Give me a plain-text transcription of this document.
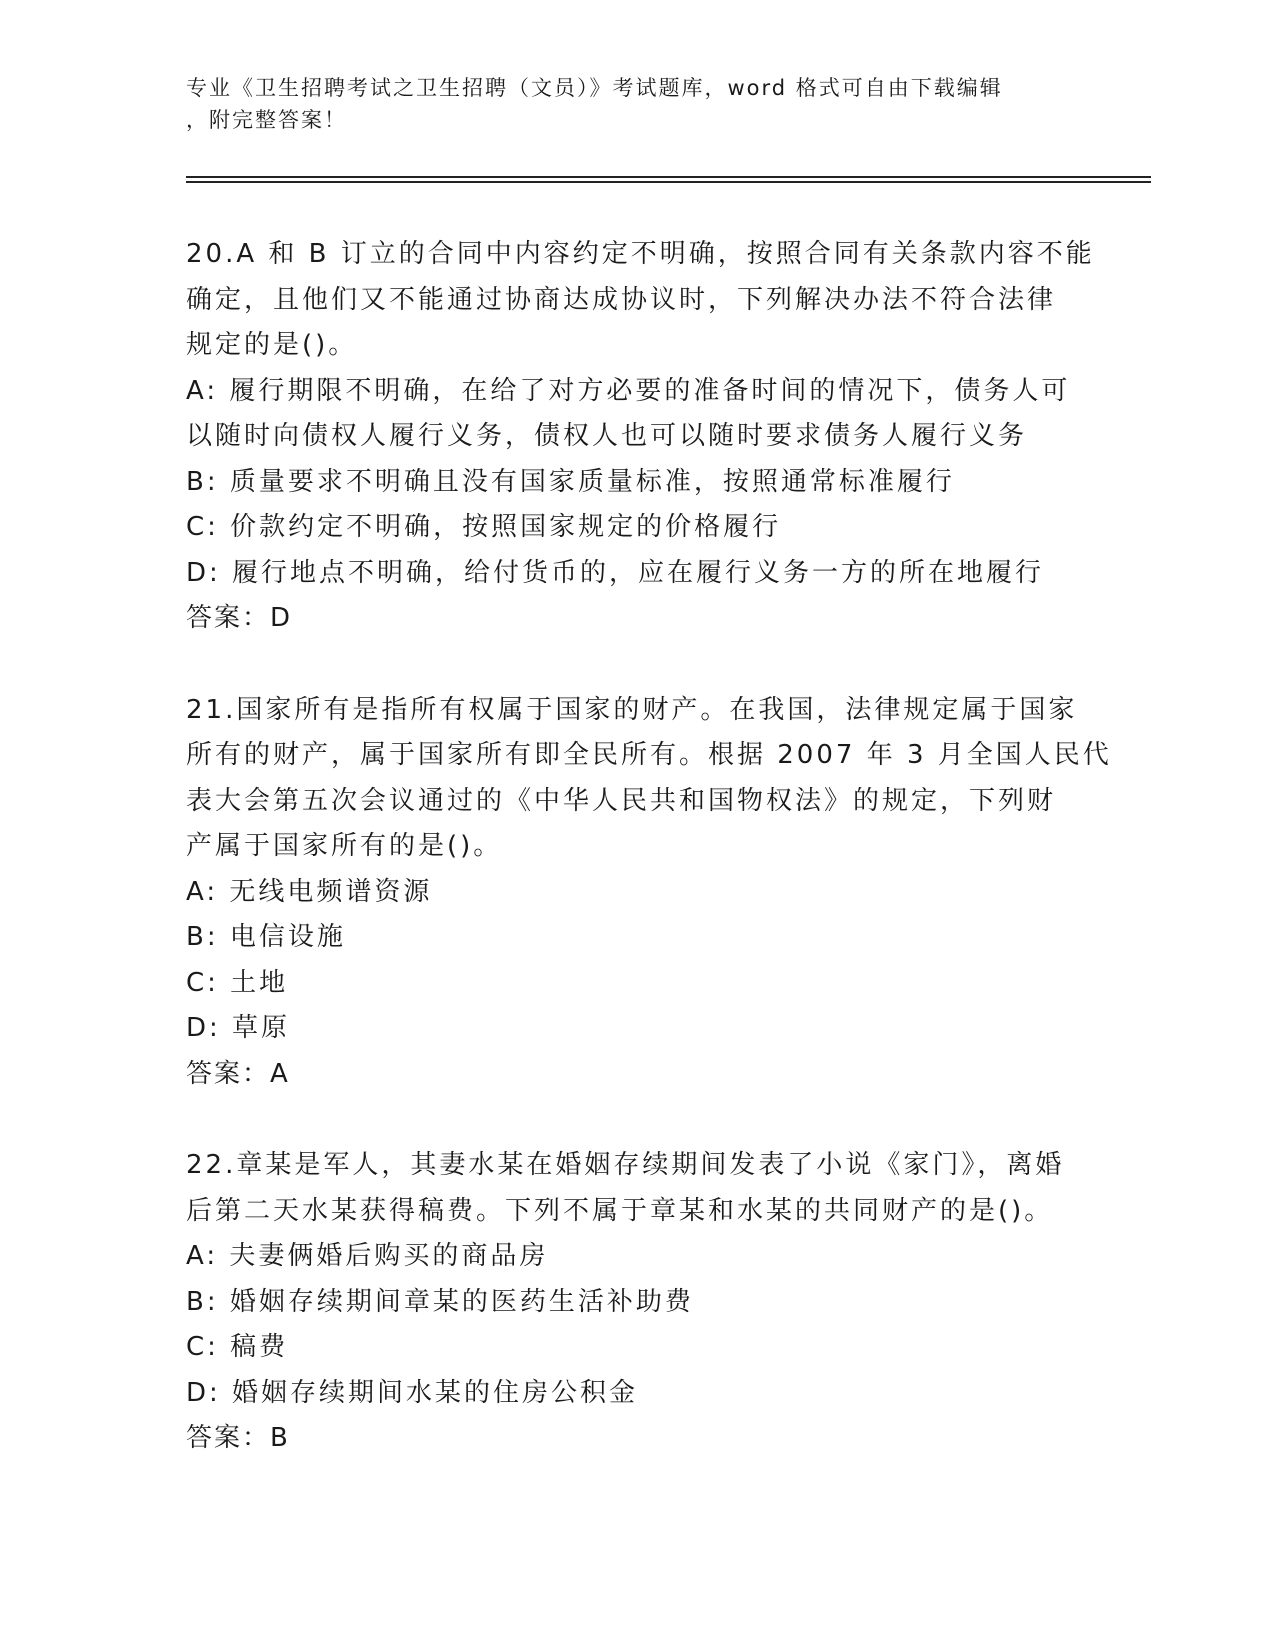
专业《卫生招聘考试之卫生招聘（文员）》考试题库，word 格式可自由下载编辑
，附完整答案！
20.A 和 B 订立的合同中内容约定不明确，按照合同有关条款内容不能
确定，且他们又不能通过协商达成协议时，下列解决办法不符合法律
规定的是()。
A: 履行期限不明确，在给了对方必要的准备时间的情况下，债务人可
以随时向债权人履行义务，债权人也可以随时要求债务人履行义务
B: 质量要求不明确且没有国家质量标准，按照通常标准履行
C: 价款约定不明确，按照国家规定的价格履行
D: 履行地点不明确，给付货币的，应在履行义务一方的所在地履行
答案：D
21.国家所有是指所有权属于国家的财产。在我国，法律规定属于国家
所有的财产，属于国家所有即全民所有。根据 2007 年 3 月全国人民代
表大会第五次会议通过的《中华人民共和国物权法》的规定，下列财
产属于国家所有的是()。
A: 无线电频谱资源
B: 电信设施
C: 土地
D: 草原
答案：A
22.章某是军人，其妻水某在婚姻存续期间发表了小说《家门》，离婚
后第二天水某获得稿费。下列不属于章某和水某的共同财产的是()。
A: 夫妻俩婚后购买的商品房
B: 婚姻存续期间章某的医药生活补助费
C: 稿费
D: 婚姻存续期间水某的住房公积金
答案：B
